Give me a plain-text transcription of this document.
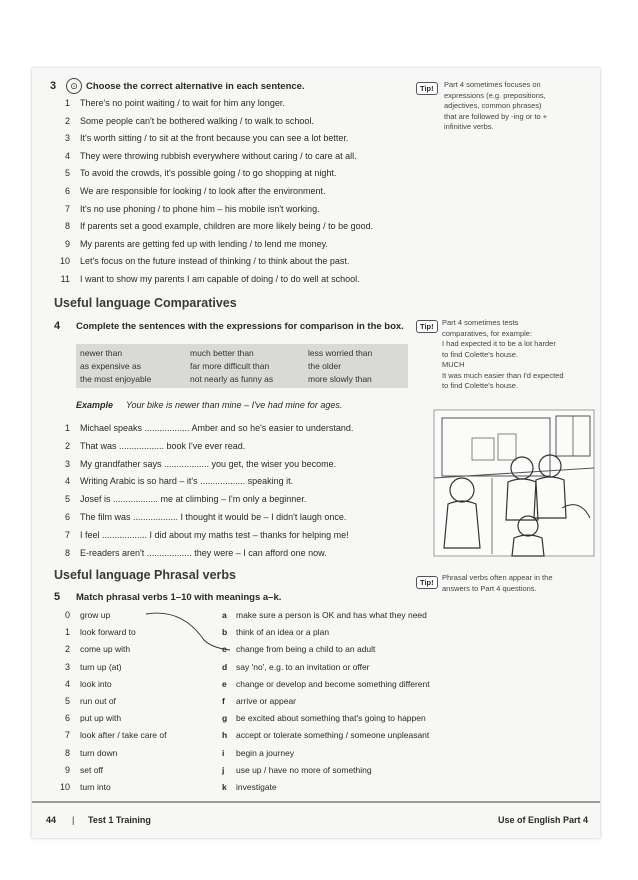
3	⊙ Choose the correct alternative in each sentence.
1 There's no point waiting / to wait for him any longer.
2 Some people can't be bothered walking / to walk to school.
3 It's worth sitting / to sit at the front because you can see a lot better.
4 They were throwing rubbish everywhere without caring / to care at all.
5 To avoid the crowds, it's possible going / to go shopping at night.
6 We are responsible for looking / to look after the environment.
7 It's no use phoning / to phone him – his mobile isn't working.
8 If parents set a good example, children are more likely being / to be good.
9 My parents are getting fed up with lending / to lend me money.
10 Let's focus on the future instead of thinking / to think about the past.
11 I want to show my parents I am capable of doing / to do well at school.
Tip!	Part 4 sometimes focuses on
expressions (e.g. prepositions,
adjectives, common phrases)
that are followed by -ing or to +
infinitive verbs.
Useful language Comparatives
4 Complete the sentences with the expressions for comparison in the box.
newer than	much better than	less worried than
as expensive as	far more difficult than	the older
the most enjoyable	not nearly as funny as	more slowly than
Example Your bike is newer than mine – I've had mine for ages.
1 Michael speaks .................. Amber and so he's easier to understand.
2 That was .................. book I've ever read.
3 My grandfather says .................. you get, the wiser you become.
4 Writing Arabic is so hard – it's .................. speaking it.
5 Josef is .................. me at climbing – I'm only a beginner.
6 The film was .................. I thought it would be – I didn't laugh once.
7 I feel .................. I did about my maths test – thanks for helping me!
8 E-readers aren't .................. they were – I can afford one now.
Tip!	Part 4 sometimes tests
comparatives, for example:
I had expected it to be a lot harder
to find Colette's house.
MUCH
It was much easier than I'd expected
to find Colette's house.
Useful language Phrasal verbs
Tip!
Phrasal verbs often appear in the
answers to Part 4 questions.
5 Match phrasal verbs 1–10 with meanings a–k.
0 grow up
1 look forward to
2 come up with
3 turn up (at)
4 look into
5 run out of
6 put up with
7 look after / take care of
8 turn down
9 set off
10 turn into
a	make sure a person is OK and has what they need
b	think of an idea or a plan
c	change from being a child to an adult
d	say 'no', e.g. to an invitation or offer
e	change or develop and become something different
f	arrive or appear
g	be excited about something that's going to happen
h	accept or tolerate something / someone unpleasant
i	begin a journey
j	use up / have no more of something
k	investigate
44 | Test 1 Training	Use of English Part 4
